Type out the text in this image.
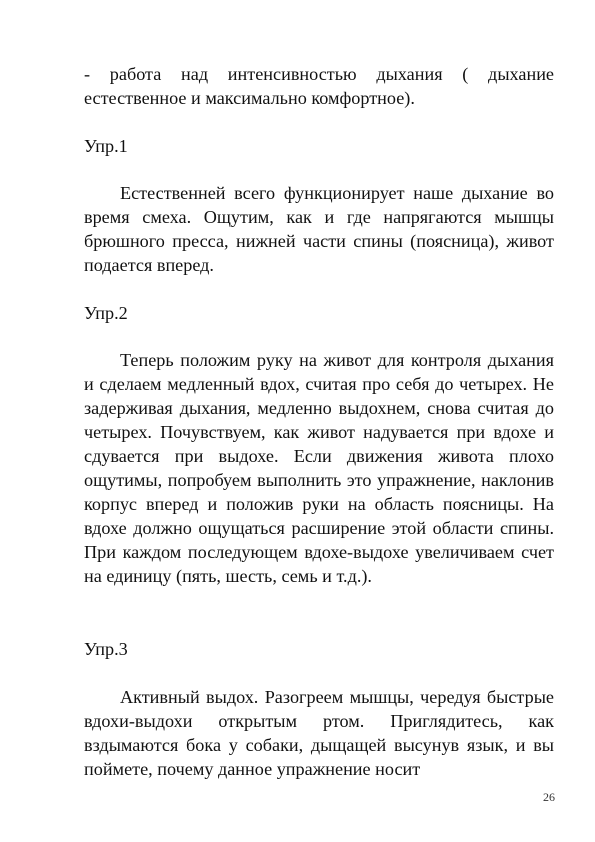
- работа над интенсивностью дыхания ( дыхание естественное и максимально комфортное).

Упр.1

Естественней всего функционирует наше дыхание во время смеха. Ощутим, как и где напрягаются мышцы брюшного пресса, нижней части спины (поясница), живот подается вперед.

Упр.2

Теперь положим руку на живот для контроля дыхания и сделаем медленный вдох, считая про себя до четырех. Не задерживая дыхания, медленно выдохнем, снова считая до четырех. Почувствуем, как живот надувается при вдохе и сдувается при выдохе. Если движения живота плохо ощутимы, попробуем выполнить это упражнение, наклонив корпус вперед и положив руки на область поясницы. На вдохе должно ощущаться расширение этой области спины. При каждом последующем вдохе-выдохе увеличиваем счет на единицу (пять, шесть, семь и т.д.).

Упр.3

Активный выдох. Разогреем мышцы, чередуя быстрые вдохи-выдохи открытым ртом. Приглядитесь, как вздымаются бока у собаки, дыщащей высунув язык, и вы поймете, почему данное упражнение носит

26
